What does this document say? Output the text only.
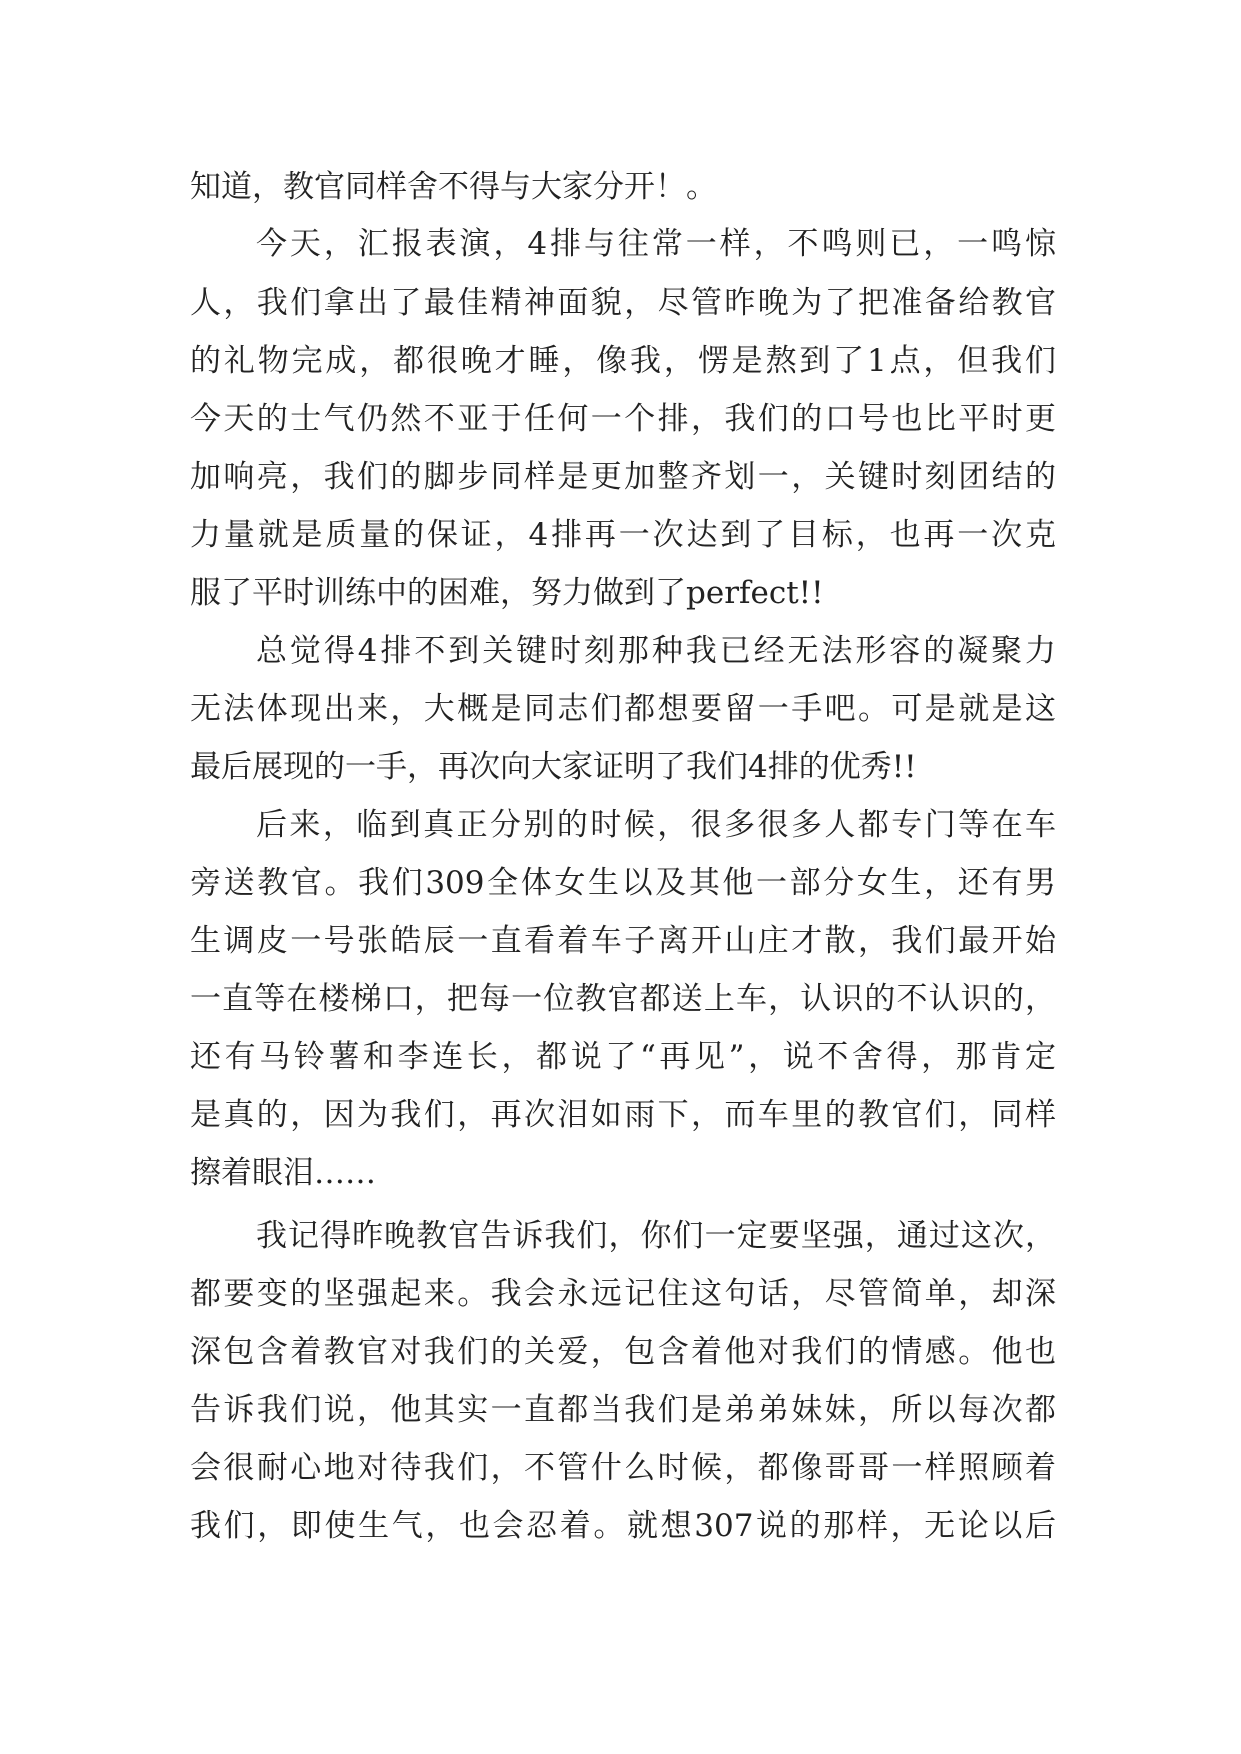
知道，教官同样舍不得与大家分开！。
今天，汇报表演，4排与往常一样，不鸣则已，一鸣惊
人，我们拿出了最佳精神面貌，尽管昨晚为了把准备给教官
的礼物完成，都很晚才睡，像我，愣是熬到了1点，但我们
今天的士气仍然不亚于任何一个排，我们的口号也比平时更
加响亮，我们的脚步同样是更加整齐划一，关键时刻团结的
力量就是质量的保证，4排再一次达到了目标，也再一次克
服了平时训练中的困难，努力做到了perfect!!
总觉得4排不到关键时刻那种我已经无法形容的凝聚力
无法体现出来，大概是同志们都想要留一手吧。可是就是这
最后展现的一手，再次向大家证明了我们4排的优秀!!
后来，临到真正分别的时候，很多很多人都专门等在车
旁送教官。我们309全体女生以及其他一部分女生，还有男
生调皮一号张皓辰一直看着车子离开山庄才散，我们最开始
一直等在楼梯口，把每一位教官都送上车，认识的不认识的，
还有马铃薯和李连长，都说了“再见”，说不舍得，那肯定
是真的，因为我们，再次泪如雨下，而车里的教官们，同样
擦着眼泪……
我记得昨晚教官告诉我们，你们一定要坚强，通过这次，
都要变的坚强起来。我会永远记住这句话，尽管简单，却深
深包含着教官对我们的关爱，包含着他对我们的情感。他也
告诉我们说，他其实一直都当我们是弟弟妹妹，所以每次都
会很耐心地对待我们，不管什么时候，都像哥哥一样照顾着
我们，即使生气，也会忍着。就想307说的那样，无论以后
